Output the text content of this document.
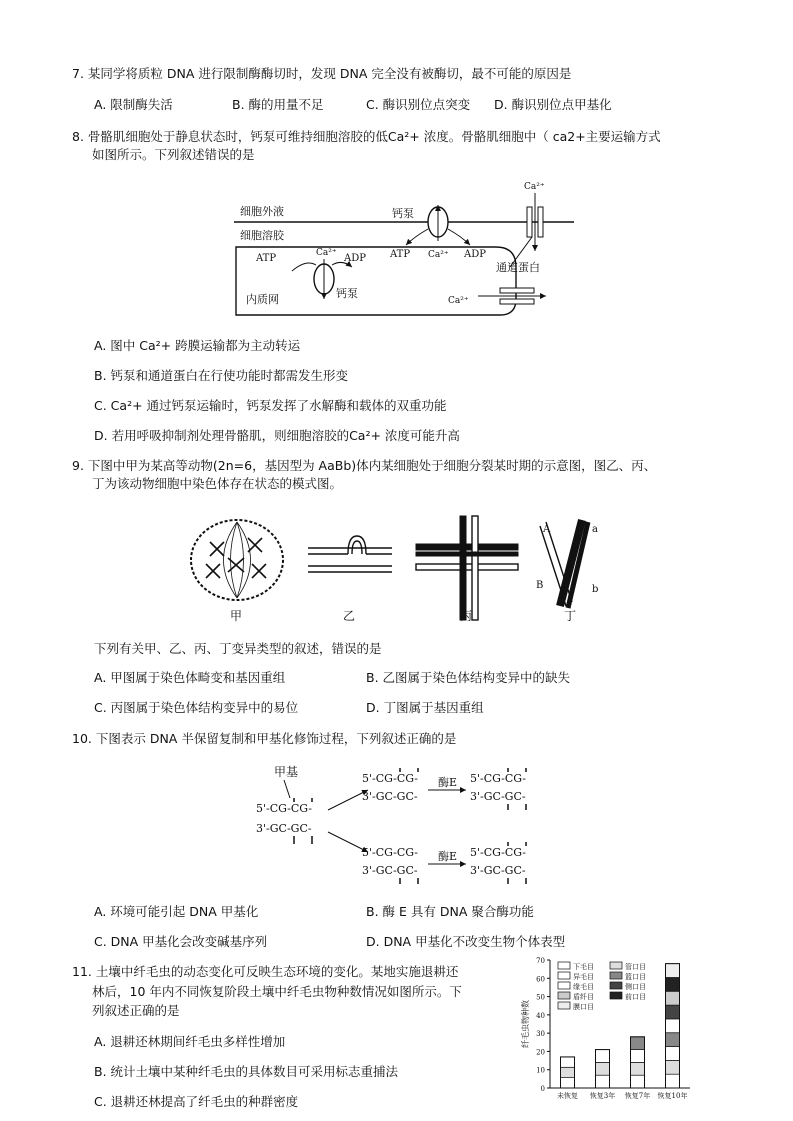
7. 某同学将质粒 DNA 进行限制酶酶切时，发现 DNA 完全没有被酶切，最不可能的原因是
A. 限制酶失活	B. 酶的用量不足	C. 酶识别位点突变 D. 酶识别位点甲基化
8. 骨骼肌细胞处于静息状态时，钙泵可维持细胞溶胶的低Ca²+ 浓度。骨骼肌细胞中（ ca2+主要运输方式
如图所示。下列叙述错误的是
细胞外液
细胞溶胶
内质网
钙泵
钙泵
通道蛋白
Ca²⁺
Ca²⁺
Ca²⁺
Ca²⁺
ATP	ADP
ATP	ADP
A. 图中 Ca²+ 跨膜运输都为主动转运
B. 钙泵和通道蛋白在行使功能时都需发生形变
C. Ca²+ 通过钙泵运输时，钙泵发挥了水解酶和载体的双重功能
D. 若用呼吸抑制剂处理骨骼肌，则细胞溶胶的Ca²+ 浓度可能升高
9. 下图中甲为某高等动物(2n=6，基因型为 AaBb)体内某细胞处于细胞分裂某时期的示意图，图乙、丙、
丁为该动物细胞中染色体存在状态的模式图。
A	a
B	b
甲	乙	丙	丁
下列有关甲、乙、丙、丁变异类型的叙述，错误的是
A. 甲图属于染色体畸变和基因重组	B. 乙图属于染色体结构变异中的缺失
C. 丙图属于染色体结构变异中的易位	D. 丁图属于基因重组
10. 下图表示 DNA 半保留复制和甲基化修饰过程，下列叙述正确的是
甲基
5'-CG-CG-
3'-GC-GC-
5'-CG-CG-
3'-GC-GC-
5'-CG-CG-
3'-GC-GC-
酶E
酶E
5'-CG-CG-
3'-GC-GC-
5'-CG-CG-
3'-GC-GC-
A. 环境可能引起 DNA 甲基化	B. 酶 E 具有 DNA 聚合酶功能
C. DNA 甲基化会改变碱基序列	D. DNA 甲基化不改变生物个体表型
11. 土壤中纤毛虫的动态变化可反映生态环境的变化。某地实施退耕还
林后，10 年内不同恢复阶段土壤中纤毛虫物种数情况如图所示。下
列叙述正确的是
A. 退耕还林期间纤毛虫多样性增加
B. 统计土壤中某种纤毛虫的具体数目可采用标志重捕法
C. 退耕还林提高了纤毛虫的种群密度
0
10
20
30
40
50
60
70
纤毛虫物种数
未恢复 恢复3年 恢复7年 恢复10年
下毛目	管口目
异毛目	篮口目
缘毛目	侧口目
盾纤目	前口目
膜口目
